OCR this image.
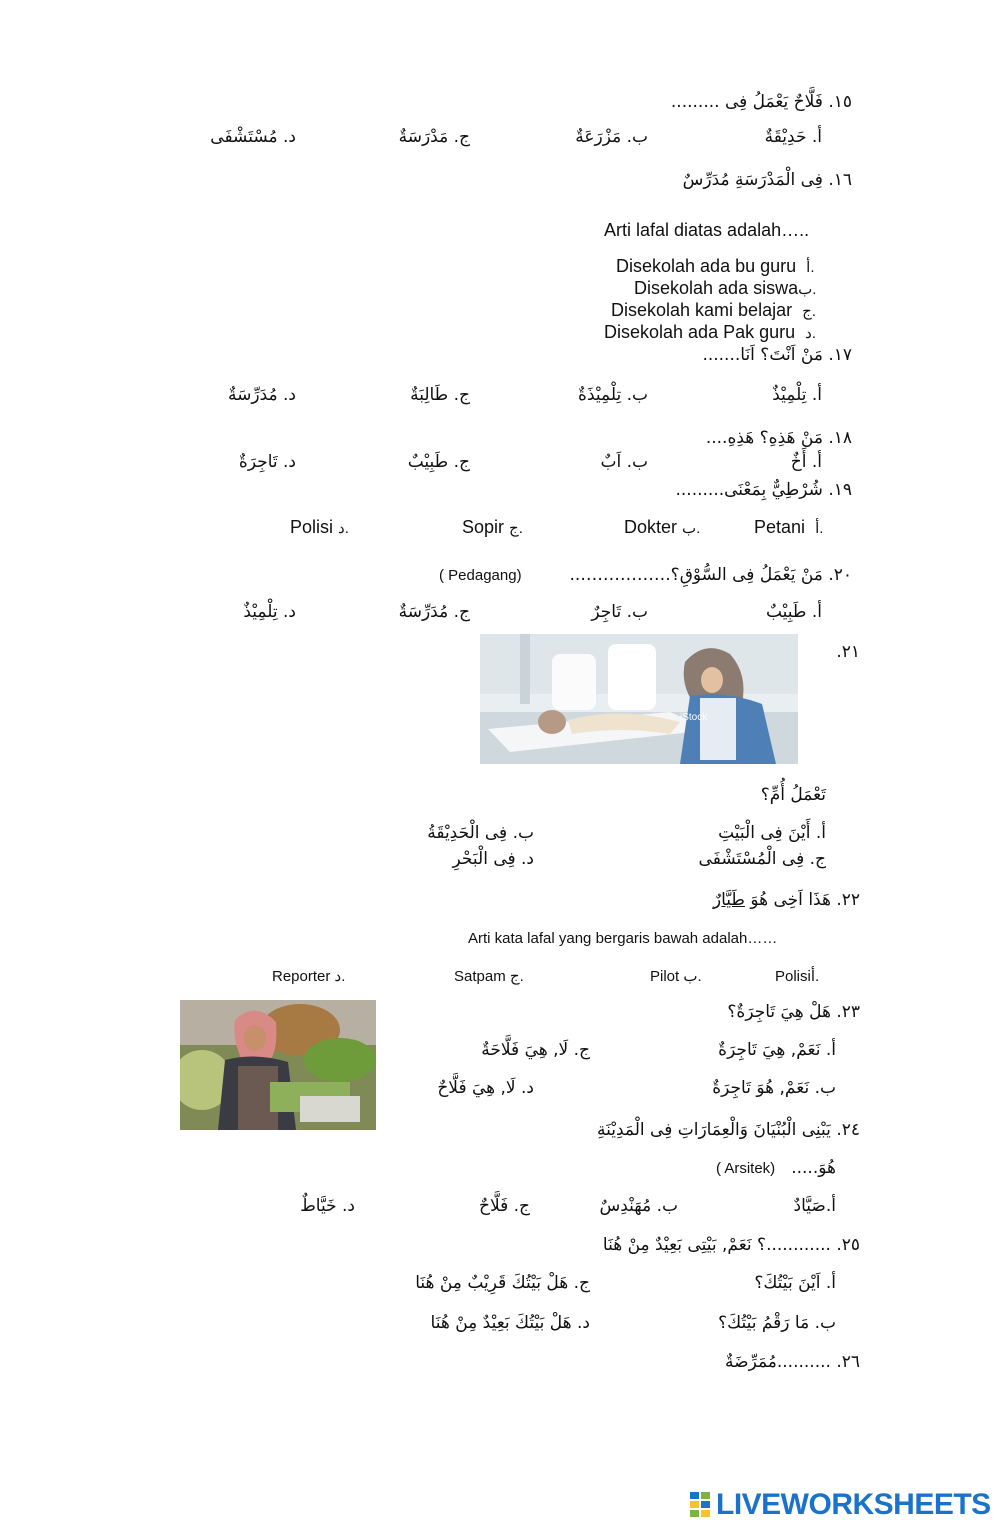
١٥. فَلَّاحٌ يَعْمَلُ فِى .........
أ. حَدِيْقَةٌ
ب. مَزْرَعَةٌ
ج. مَدْرَسَةٌ
د. مُسْتَشْفَى
١٦. فِى الْمَدْرَسَةِ مُدَرِّسٌ
Arti lafal diatas adalah…..
Disekolah ada bu guru أ.
Disekolah ada siswaب.
Disekolah kami belajar ج.
Disekolah ada Pak guru د.
١٧. مَنْ اَنْتَ؟ اَنَا.......
أ. تِلْمِيْذٌ
ب. تِلْمِيْذَةٌ
ج. طَالِبَةٌ
د. مُدَرِّسَةٌ
١٨. مَنْ هَذِهِ؟ هَذِهِ....
أ. أَخٌ
ب. اَبٌ
ج. طَبِيْبٌ
د. تَاجِرَةٌ
١٩. شُرْطِيٌّ بِمَعْنَى.........
Petani أ.
Dokter ب.
Sopir ج.
Polisi د.
٢٠. مَنْ يَعْمَلُ فِى السُّوْقِ؟.……………..
( Pedagang)
أ. طَبِيْبٌ
ب. تَاجِرٌ
ج. مُدَرِّسَةٌ
د. تِلْمِيْذٌ
٢١.
iStock
تَعْمَلُ أُمِّ؟
أ. أَيْنَ فِى الْبَيْتِ
ب. فِى الْحَدِيْقَةُ
ج. فِى الْمُسْتَشْفَى
د. فِى الْبَحْرِ
٢٢. هَذَا اَخِى هُوَ طَيَّارٌ
Arti kata lafal yang bergaris bawah adalah……
Polisiأ.
Pilot ب.
Satpam ج.
Reporter د.
٢٣. هَلْ هِيَ تَاجِرَةٌ؟
أ. نَعَمْ, هِيَ تَاجِرَةٌ
ج. لَا, هِيَ فَلَّاحَةٌ
ب. نَعَمْ, هُوَ تَاجِرَةٌ
د. لَا, هِيَ فَلَّاحٌ
٢٤. يَبْنِى الْبُنْيَانَ وَالْعِمَارَاتِ فِى الْمَدِيْنَةِ
هُوَ.....
( Arsitek)
أ.صَيَّادٌ
ب. مُهَنْدِسٌ
ج. فَلَّاحٌ
د. خَيَّاطٌ
٢٥. ............؟ نَعَمْ, بَيْتِى بَعِيْدٌ مِنْ هُنَا
أ. اَيْنَ بَيْتُكَ؟
ج. هَلْ بَيْتُكَ قَرِيْبٌ مِنْ هُنَا
ب. مَا رَقْمُ بَيْتُكَ؟
د. هَلْ بَيْتُكَ بَعِيْدٌ مِنْ هُنَا
٢٦. ..........مُمَرِّضَةٌ
LIVEWORKSHEETS
